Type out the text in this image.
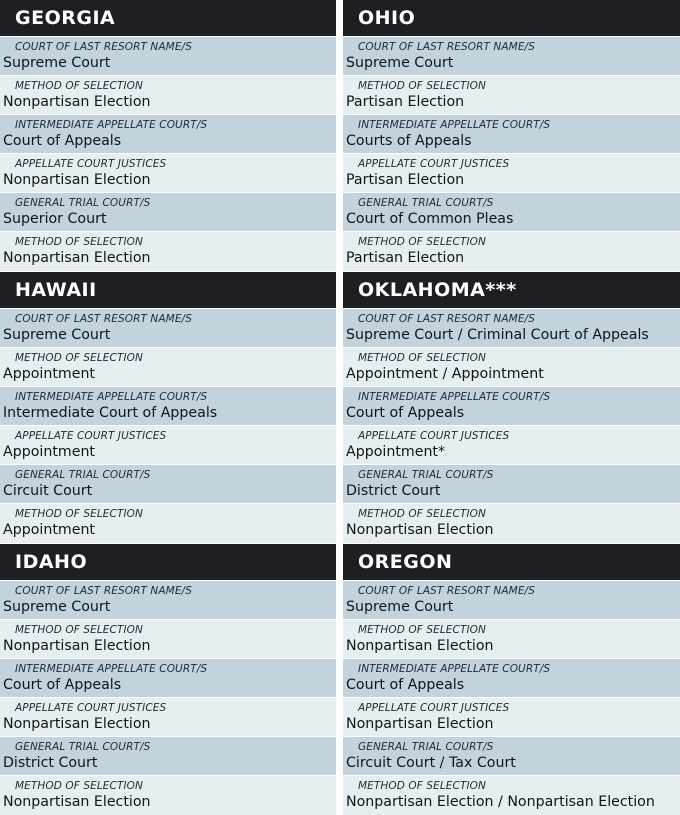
GEORGIA
COURT OF LAST RESORT NAME/S
Supreme Court
METHOD OF SELECTION
Nonpartisan Election
INTERMEDIATE APPELLATE COURT/S
Court of Appeals
APPELLATE COURT JUSTICES
Nonpartisan Election
GENERAL TRIAL COURT/S
Superior Court
METHOD OF SELECTION
Nonpartisan Election
OHIO
COURT OF LAST RESORT NAME/S
Supreme Court
METHOD OF SELECTION
Partisan Election
INTERMEDIATE APPELLATE COURT/S
Courts of Appeals
APPELLATE COURT JUSTICES
Partisan Election
GENERAL TRIAL COURT/S
Court of Common Pleas
METHOD OF SELECTION
Partisan Election
HAWAII
COURT OF LAST RESORT NAME/S
Supreme Court
METHOD OF SELECTION
Appointment
INTERMEDIATE APPELLATE COURT/S
Intermediate Court of Appeals
APPELLATE COURT JUSTICES
Appointment
GENERAL TRIAL COURT/S
Circuit Court
METHOD OF SELECTION
Appointment
OKLAHOMA***
COURT OF LAST RESORT NAME/S
Supreme Court / Criminal Court of Appeals
METHOD OF SELECTION
Appointment / Appointment
INTERMEDIATE APPELLATE COURT/S
Court of Appeals
APPELLATE COURT JUSTICES
Appointment*
GENERAL TRIAL COURT/S
District Court
METHOD OF SELECTION
Nonpartisan Election
IDAHO
COURT OF LAST RESORT NAME/S
Supreme Court
METHOD OF SELECTION
Nonpartisan Election
INTERMEDIATE APPELLATE COURT/S
Court of Appeals
APPELLATE COURT JUSTICES
Nonpartisan Election
GENERAL TRIAL COURT/S
District Court
METHOD OF SELECTION
Nonpartisan Election
OREGON
COURT OF LAST RESORT NAME/S
Supreme Court
METHOD OF SELECTION
Nonpartisan Election
INTERMEDIATE APPELLATE COURT/S
Court of Appeals
APPELLATE COURT JUSTICES
Nonpartisan Election
GENERAL TRIAL COURT/S
Circuit Court / Tax Court
METHOD OF SELECTION
Nonpartisan Election / Nonpartisan Election
